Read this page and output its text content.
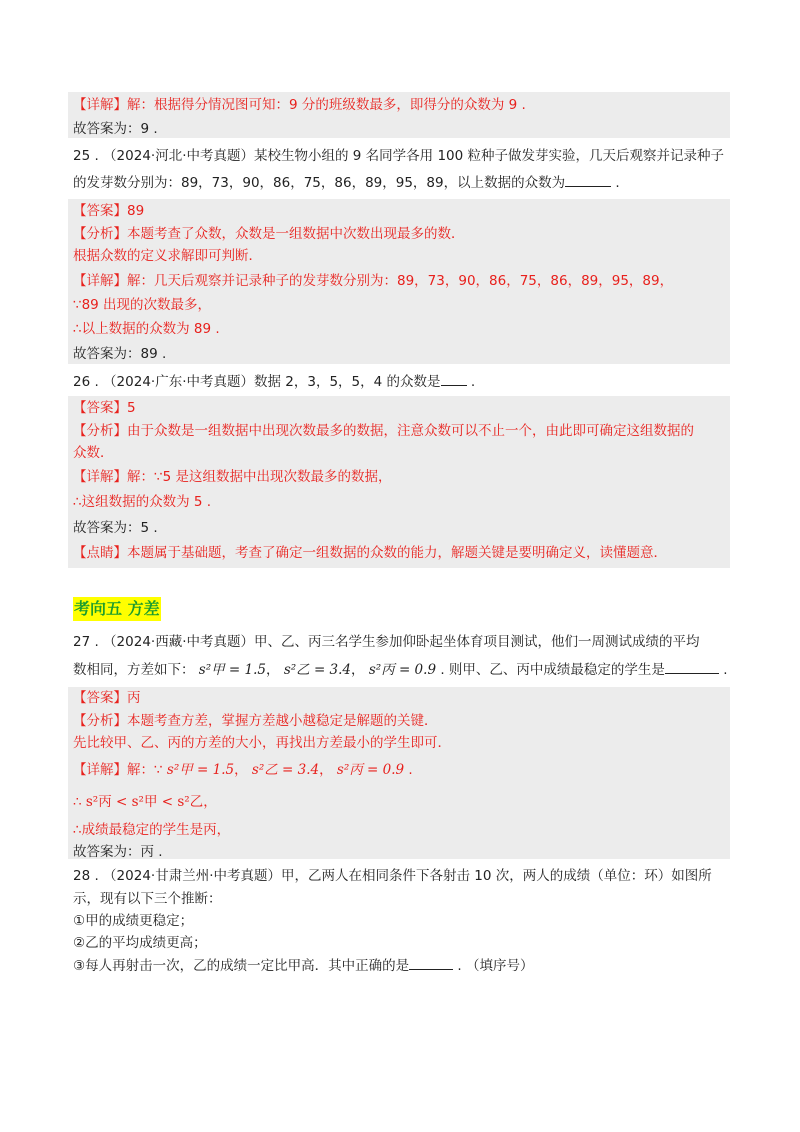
【详解】解：根据得分情况图可知：9 分的班级数最多，即得分的众数为 9 .
故答案为：9 .
25 . （2024·河北·中考真题）某校生物小组的 9 名同学各用 100 粒种子做发芽实验，几天后观察并记录种子
的发芽数分别为：89，73，90，86，75，86，89，95，89，以上数据的众数为	.
【答案】89
【分析】本题考查了众数，众数是一组数据中次数出现最多的数．
根据众数的定义求解即可判断．
【详解】解：几天后观察并记录种子的发芽数分别为：89，73，90，86，75，86，89，95，89，
∵89 出现的次数最多，
∴以上数据的众数为 89 .
故答案为：89 .
26 . （2024·广东·中考真题）数据 2，3，5，5，4 的众数是 .
【答案】5
【分析】由于众数是一组数据中出现次数最多的数据，注意众数可以不止一个，由此即可确定这组数据的
众数．
【详解】解：∵5 是这组数据中出现次数最多的数据，
∴这组数据的众数为 5 .
故答案为：5 .
【点睛】本题属于基础题，考查了确定一组数据的众数的能力，解题关键是要明确定义，读懂题意．
考向五 方差
27 . （2024·西藏·中考真题）甲、乙、丙三名学生参加仰卧起坐体育项目测试，他们一周测试成绩的平均
数相同，方差如下： s²甲 = 1.5， s²乙 = 3.4， s²丙 = 0.9 . 则甲、乙、丙中成绩最稳定的学生是	.
【答案】丙
【分析】本题考查方差，掌握方差越小越稳定是解题的关键．
先比较甲、乙、丙的方差的大小，再找出方差最小的学生即可．
【详解】解：∵ s²甲 = 1.5， s²乙 = 3.4， s²丙 = 0.9 .
∴ s²丙 < s²甲 < s²乙，
∴成绩最稳定的学生是丙，
故答案为：丙 .
28 . （2024·甘肃兰州·中考真题）甲，乙两人在相同条件下各射击 10 次，两人的成绩（单位：环）如图所
示，现有以下三个推断：
①甲的成绩更稳定；
②乙的平均成绩更高；
③每人再射击一次，乙的成绩一定比甲高．其中正确的是	. （填序号）
